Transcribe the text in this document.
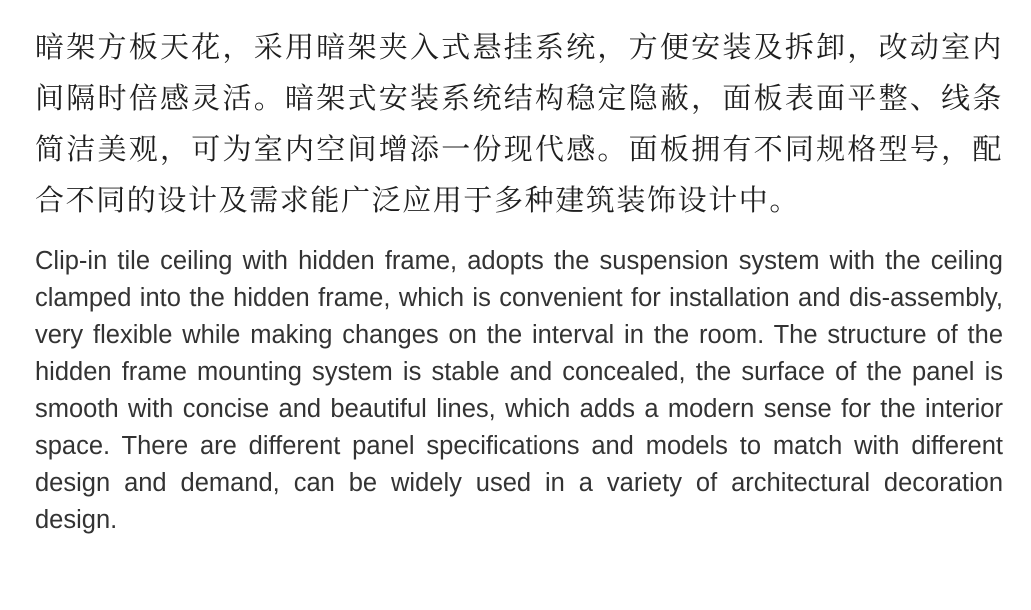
暗架方板天花，采用暗架夹入式悬挂系统，方便安装及拆卸，改动室内间隔时倍感灵活。暗架式安装系统结构稳定隐蔽，面板表面平整、线条简洁美观，可为室内空间增添一份现代感。面板拥有不同规格型号，配合不同的设计及需求能广泛应用于多种建筑装饰设计中。

Clip-in tile ceiling with hidden frame, adopts the suspension system with the ceiling clamped into the hidden frame, which is convenient for installation and dis-assembly, very flexible while making changes on the interval in the room. The structure of the hidden frame mounting system is stable and concealed, the surface of the panel is smooth with concise and beautiful lines, which adds a modern sense for the interior space. There are different panel specifications and models to match with different design and demand, can be widely used in a variety of architectural decoration design.
